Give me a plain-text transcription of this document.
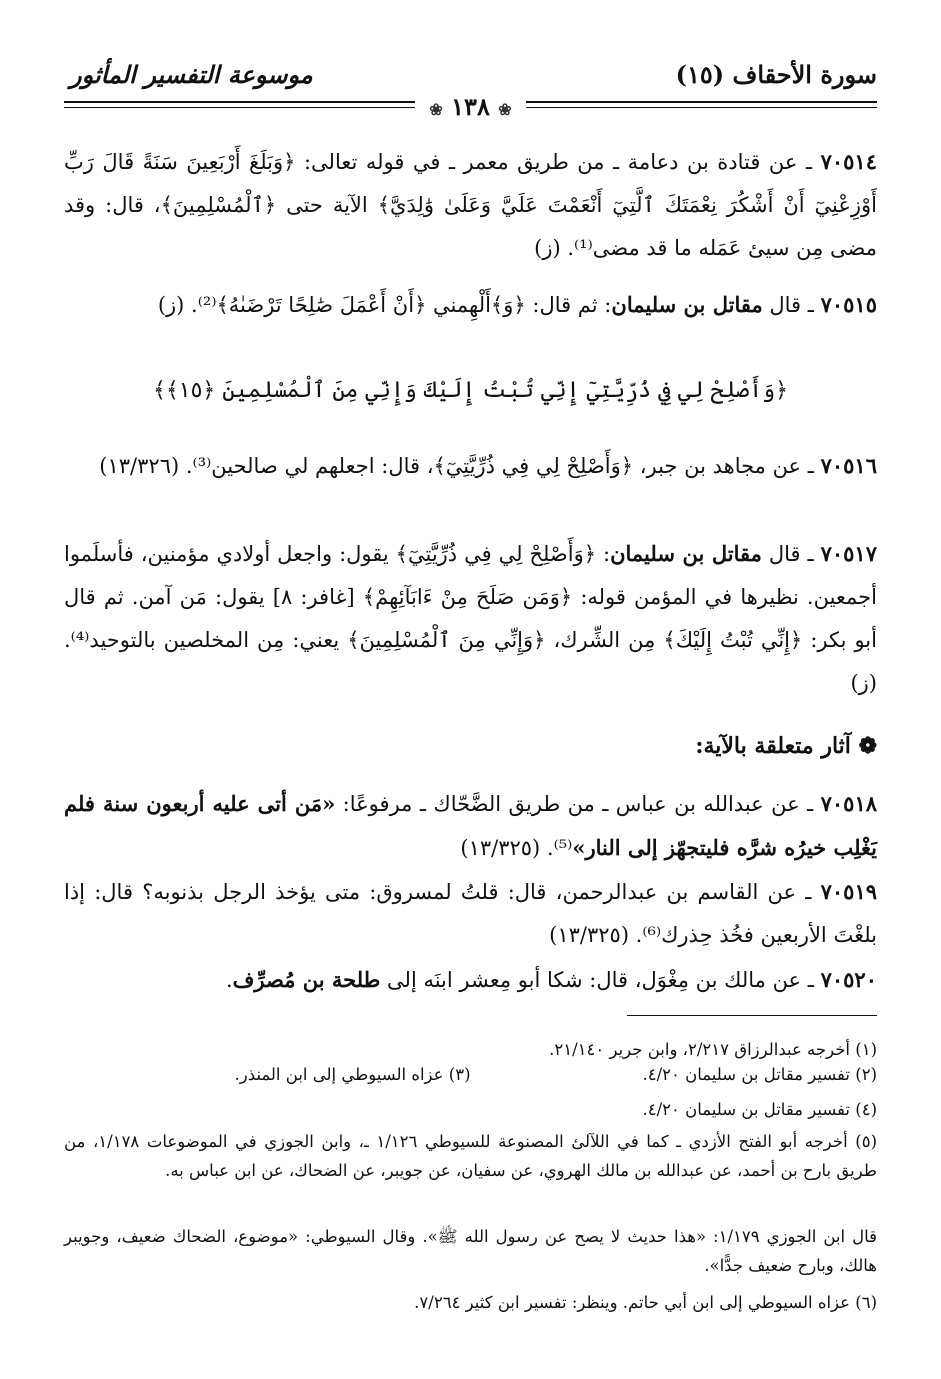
سورة الأحقاف (١٥)
موسوعة التفسير المأثور
❀ ١٣٨ ❀
٧٠٥١٤ ـ عن قتادة بن دعامة ـ من طريق معمر ـ في قوله تعالى: ﴿وَبَلَغَ أَرْبَعِينَ سَنَةً قَالَ رَبِّ أَوْزِعْنِيٓ أَنْ أَشْكُرَ نِعْمَتَكَ ٱلَّتِيٓ أَنْعَمْتَ عَلَيَّ وَعَلَىٰ وَٰلِدَيَّ﴾ الآية حتى ﴿ٱلْمُسْلِمِينَ﴾، قال: وقد مضى مِن سيئ عَمَله ما قد مضى⁽¹⁾. (ز)
٧٠٥١٥ ـ قال مقاتل بن سليمان: ثم قال: ﴿وَ﴾أَلْهِمني ﴿أَنْ أَعْمَلَ صَٰلِحًا تَرْضَىٰهُ﴾⁽²⁾. (ز)
﴿وَأَصْلِحْ لِي فِي ذُرِّيَّتِيٓ إِنِّي تُبْتُ إِلَيْكَ وَإِنِّي مِنَ ٱلْمُسْلِمِينَ ﴿١٥﴾﴾
٧٠٥١٦ ـ عن مجاهد بن جبر، ﴿وَأَصْلِحْ لِي فِي ذُرِّيَّتِيٓ﴾، قال: اجعلهم لي صالحين⁽³⁾. (١٣/٣٢٦)
٧٠٥١٧ ـ قال مقاتل بن سليمان: ﴿وَأَصْلِحْ لِي فِي ذُرِّيَّتِيٓ﴾ يقول: واجعل أولادي مؤمنين، فأسلَموا أجمعين. نظيرها في المؤمن قوله: ﴿وَمَن صَلَحَ مِنْ ءَابَآئِهِمْ﴾ [غافر: ٨] يقول: مَن آمن. ثم قال أبو بكر: ﴿إِنِّي تُبْتُ إِلَيْكَ﴾ مِن الشِّرك، ﴿وَإِنِّي مِنَ ٱلْمُسْلِمِينَ﴾ يعني: مِن المخلصين بالتوحيد⁽⁴⁾. (ز)
❁ آثار متعلقة بالآية:
٧٠٥١٨ ـ عن عبدالله بن عباس ـ من طريق الضَّحّاك ـ مرفوعًا: «مَن أتى عليه أربعون سنة فلم يَغْلِب خيرُه شرَّه فليتجهّز إلى النار»⁽⁵⁾. (١٣/٣٢٥)
٧٠٥١٩ ـ عن القاسم بن عبدالرحمن، قال: قلتُ لمسروق: متى يؤخذ الرجل بذنوبه؟ قال: إذا بلغْتَ الأربعين فخُذ حِذرك⁽⁶⁾. (١٣/٣٢٥)
٧٠٥٢٠ ـ عن مالك بن مِغْوَل، قال: شكا أبو مِعشر ابنَه إلى طلحة بن مُصرِّف.
(١) أخرجه عبدالرزاق ٢/٢١٧، وابن جرير ٢١/١٤٠.
(٢) تفسير مقاتل بن سليمان ٤/٢٠.(٣) عزاه السيوطي إلى ابن المنذر.
(٤) تفسير مقاتل بن سليمان ٤/٢٠.
(٥) أخرجه أبو الفتح الأزدي ـ كما في اللآلئ المصنوعة للسيوطي ١/١٢٦ ـ، وابن الجوزي في الموضوعات ١/١٧٨، من طريق بارح بن أحمد، عن عبدالله بن مالك الهروي، عن سفيان، عن جويبر، عن الضحاك، عن ابن عباس به.
قال ابن الجوزي ١/١٧٩: «هذا حديث لا يصح عن رسول الله ﷺ». وقال السيوطي: «موضوع، الضحاك ضعيف، وجويبر هالك، وبارح ضعيف جدًّا».
(٦) عزاه السيوطي إلى ابن أبي حاتم. وينظر: تفسير ابن كثير ٧/٢٦٤.
